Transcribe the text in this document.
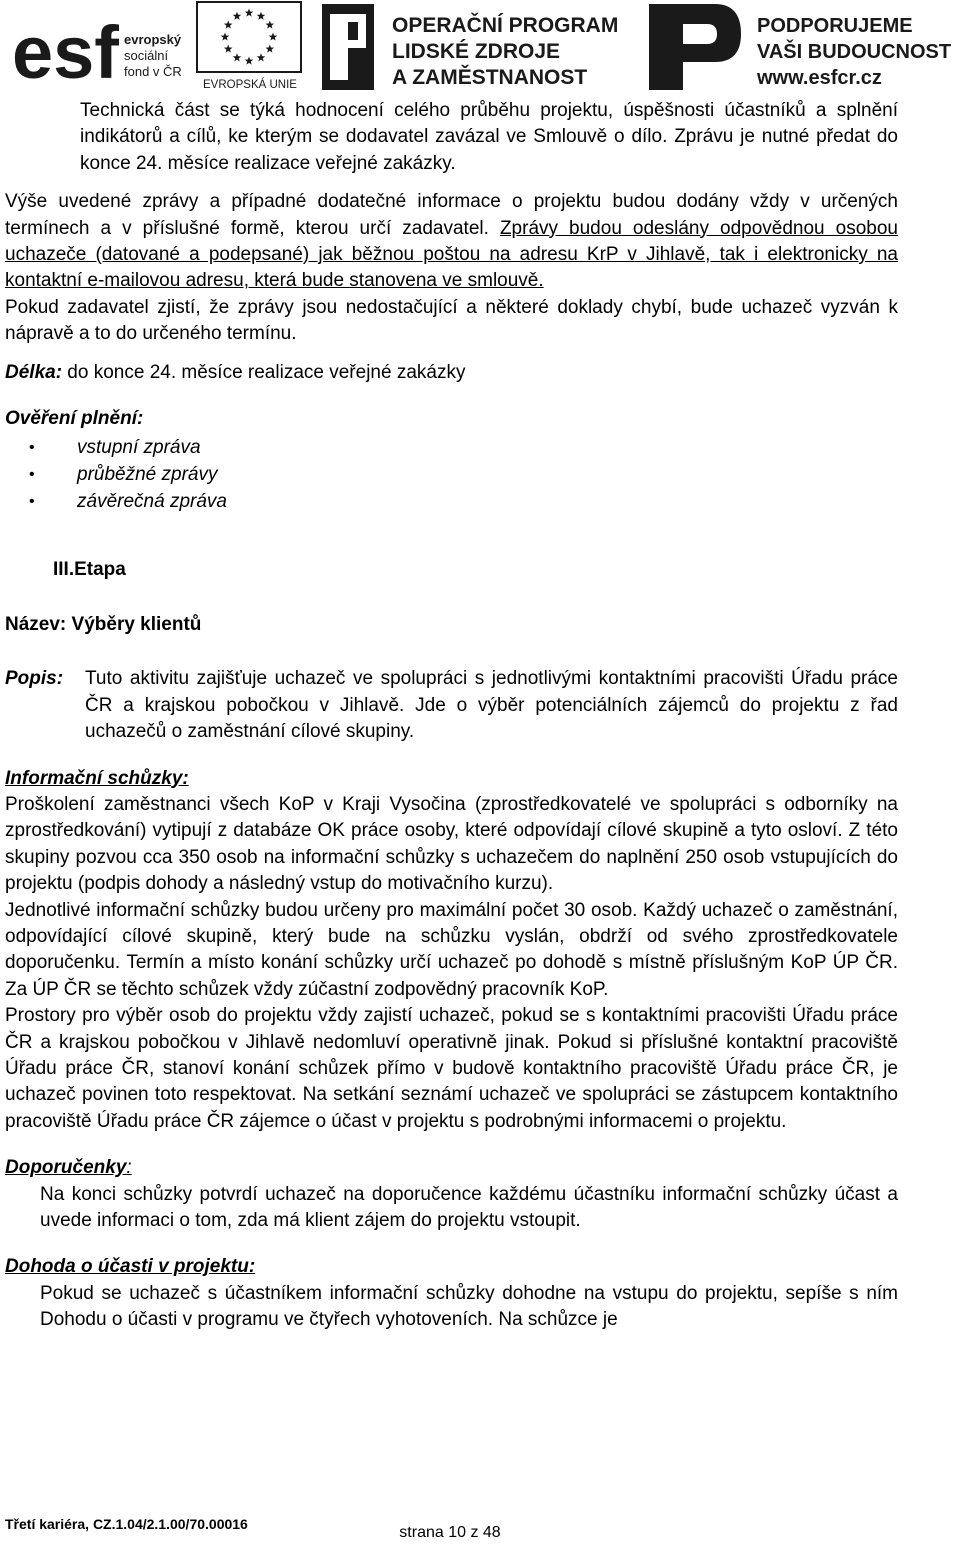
esf evropský
sociální
fond v ČR
EVROPSKÁ UNIE
OPERAČNÍ PROGRAM
LIDSKÉ ZDROJE
A ZAMĚSTNANOST
PODPORUJEME
VAŠI BUDOUCNOST
www.esfcr.cz

Technická část se týká hodnocení celého průběhu projektu, úspěšnosti účastníků a splnění indikátorů a cílů, ke kterým se dodavatel zavázal ve Smlouvě o dílo. Zprávu je nutné předat do konce 24. měsíce realizace veřejné zakázky.

Výše uvedené zprávy a případné dodatečné informace o projektu budou dodány vždy v určených termínech a v příslušné formě, kterou určí zadavatel. Zprávy budou odeslány odpovědnou osobou uchazeče (datované a podepsané) jak běžnou poštou na adresu KrP v Jihlavě, tak i elektronicky na kontaktní e-mailovou adresu, která bude stanovena ve smlouvě.

Pokud zadavatel zjistí, že zprávy jsou nedostačující a některé doklady chybí, bude uchazeč vyzván k nápravě a to do určeného termínu.

Délka: do konce 24. měsíce realizace veřejné zakázky

Ověření plnění:

• vstupní zpráva
• průběžné zprávy
• závěrečná zpráva

III.Etapa

Název: Výběry klientů

Popis:	Tuto aktivitu zajišťuje uchazeč ve spolupráci s jednotlivými kontaktními pracovišti Úřadu práce ČR a krajskou pobočkou v Jihlavě. Jde o výběr potenciálních zájemců do projektu z řad uchazečů o zaměstnání cílové skupiny.

Informační schůzky:

Proškolení zaměstnanci všech KoP v Kraji Vysočina (zprostředkovatelé ve spolupráci s odborníky na zprostředkování) vytipují z databáze OK práce osoby, které odpovídají cílové skupině a tyto osloví. Z této skupiny pozvou cca 350 osob na informační schůzky s uchazečem do naplnění 250 osob vstupujících do projektu (podpis dohody a následný vstup do motivačního kurzu).

Jednotlivé informační schůzky budou určeny pro maximální počet 30 osob. Každý uchazeč o zaměstnání, odpovídající cílové skupině, který bude na schůzku vyslán, obdrží od svého zprostředkovatele doporučenku. Termín a místo konání schůzky určí uchazeč po dohodě s místně příslušným KoP ÚP ČR. Za ÚP ČR se těchto schůzek vždy zúčastní zodpovědný pracovník KoP.

Prostory pro výběr osob do projektu vždy zajistí uchazeč, pokud se s kontaktními pracovišti Úřadu práce ČR a krajskou pobočkou v Jihlavě nedomluví operativně jinak. Pokud si příslušné kontaktní pracoviště Úřadu práce ČR, stanoví konání schůzek přímo v budově kontaktního pracoviště Úřadu práce ČR, je uchazeč povinen toto respektovat. Na setkání seznámí uchazeč ve spolupráci se zástupcem kontaktního pracoviště Úřadu práce ČR zájemce o účast v projektu s podrobnými informacemi o projektu.

Doporučenky:

Na konci schůzky potvrdí uchazeč na doporučence každému účastníku informační schůzky účast a uvede informaci o tom, zda má klient zájem do projektu vstoupit.

Dohoda o účasti v projektu:

Pokud se uchazeč s účastníkem informační schůzky dohodne na vstupu do projektu, sepíše s ním Dohodu o účasti v programu ve čtyřech vyhotoveních. Na schůzce je

Třetí kariéra, CZ.1.04/2.1.00/70.00016	strana 10 z 48
